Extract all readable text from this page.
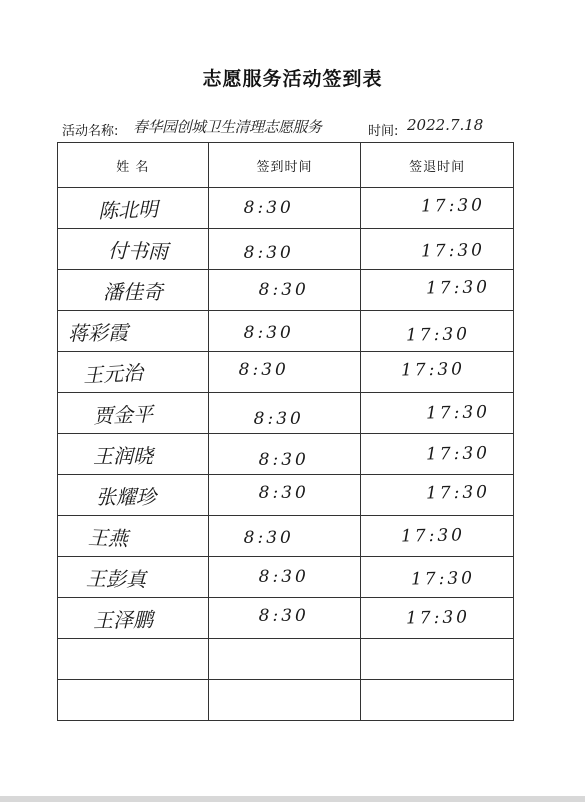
志愿服务活动签到表
活动名称: 春华园创城卫生清理志愿服务	时间: 2022.7.18
姓 名	签到时间	签退时间

陈北明	8:30	17:30

付书雨	8:30	17:30

潘佳奇	8:30	17:30

蒋彩霞	8:30	17:30

王元治	8:30	17:30

贾金平	8:30	17:30

王润晓	8:30	17:30

张耀珍	8:30	17:30

王燕	8:30	17:30

王彭真	8:30	17:30

王泽鹏	8:30	17:30
